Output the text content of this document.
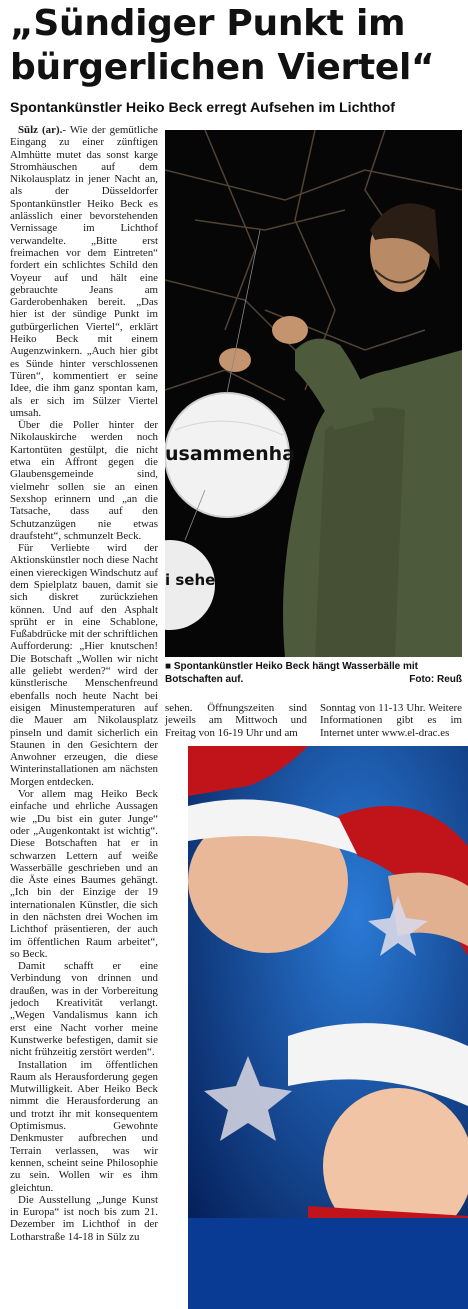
„Sündiger Punkt im
bürgerlichen Viertel“
Spontankünstler Heiko Beck erregt Aufsehen im Lichthof

Sülz (ar).- Wie der gemütliche Eingang zu einer zünftigen Almhütte mutet das sonst karge Stromhäuschen auf dem Nikolausplatz in jener Nacht an, als der Düsseldorfer Spontankünstler Heiko Beck es anlässlich einer bevorstehenden Vernissage im Lichthof verwandelte. „Bitte erst freimachen vor dem Eintreten“ fordert ein schlichtes Schild den Voyeur auf und hält eine gebrauchte Jeans am Garderobenhaken bereit. „Das hier ist der sündige Punkt im gutbürgerlichen Viertel“, erklärt Heiko Beck mit einem Augenzwinkern. „Auch hier gibt es Sünde hinter verschlossenen Türen“, kommentiert er seine Idee, die ihm ganz spontan kam, als er sich im Sülzer Viertel umsah.

Über die Poller hinter der Nikolauskirche werden noch Kartontüten gestülpt, die nicht etwa ein Affront gegen die Glaubensgemeinde sind, vielmehr sollen sie an einen Sexshop erinnern und „an die Tatsache, dass auf den Schutzanzügen nie etwas draufsteht“, schmunzelt Beck.

Für Verliebte wird der Aktionskünstler noch diese Nacht einen viereckigen Windschutz auf dem Spielplatz bauen, damit sie sich diskret zurückziehen können. Und auf den Asphalt sprüht er in eine Schablone, Fußabdrücke mit der schriftlichen Aufforderung: „Hier knutschen! Die Botschaft „Wollen wir nicht alle geliebt werden?“ wird der künstlerische Menschenfreund ebenfalls noch heute Nacht bei eisigen Minustemperaturen auf die Mauer am Nikolausplatz pinseln und damit sicherlich ein Staunen in den Gesichtern der Anwohner erzeugen, die diese Winterinstallationen am nächsten Morgen entdecken.

Vor allem mag Heiko Beck einfache und ehrliche Aussagen wie „Du bist ein guter Junge“ oder „Augenkontakt ist wichtig“. Diese Botschaften hat er in schwarzen Lettern auf weiße Wasserbälle geschrieben und an die Äste eines Baumes gehängt. „Ich bin der Einzige der 19 internationalen Künstler, die sich in den nächsten drei Wochen im Lichthof präsentieren, der auch im öffentlichen Raum arbeitet“, so Beck.

Damit schafft er eine Verbindung von drinnen und draußen, was in der Vorbereitung jedoch Kreativität verlangt. „Wegen Vandalismus kann ich erst eine Nacht vorher meine Kunstwerke befestigen, damit sie nicht frühzeitig zerstört werden“.

Installation im öffentlichen Raum als Herausforderung gegen Mutwilligkeit. Aber Heiko Beck nimmt die Herausforderung an und trotzt ihr mit konsequentem Optimismus. Gewohnte Denkmuster aufbrechen und Terrain verlassen, was wir kennen, scheint seine Philosophie zu sein. Wollen wir es ihm gleichtun.

Die Ausstellung „Junge Kunst in Europa“ ist noch bis zum 21. Dezember im Lichthof in der Lotharstraße 14-18 in Sülz zu

usammenha
i sehe
■ Spontankünstler Heiko Beck hängt Wasserbälle mit Botschaften auf.	Foto: Reuß

sehen. Öffnungszeiten sind jeweils am Mittwoch und Freitag von 16-19 Uhr und am

Sonntag von 11-13 Uhr. Weitere Informationen gibt es im Internet unter www.el-drac.es
